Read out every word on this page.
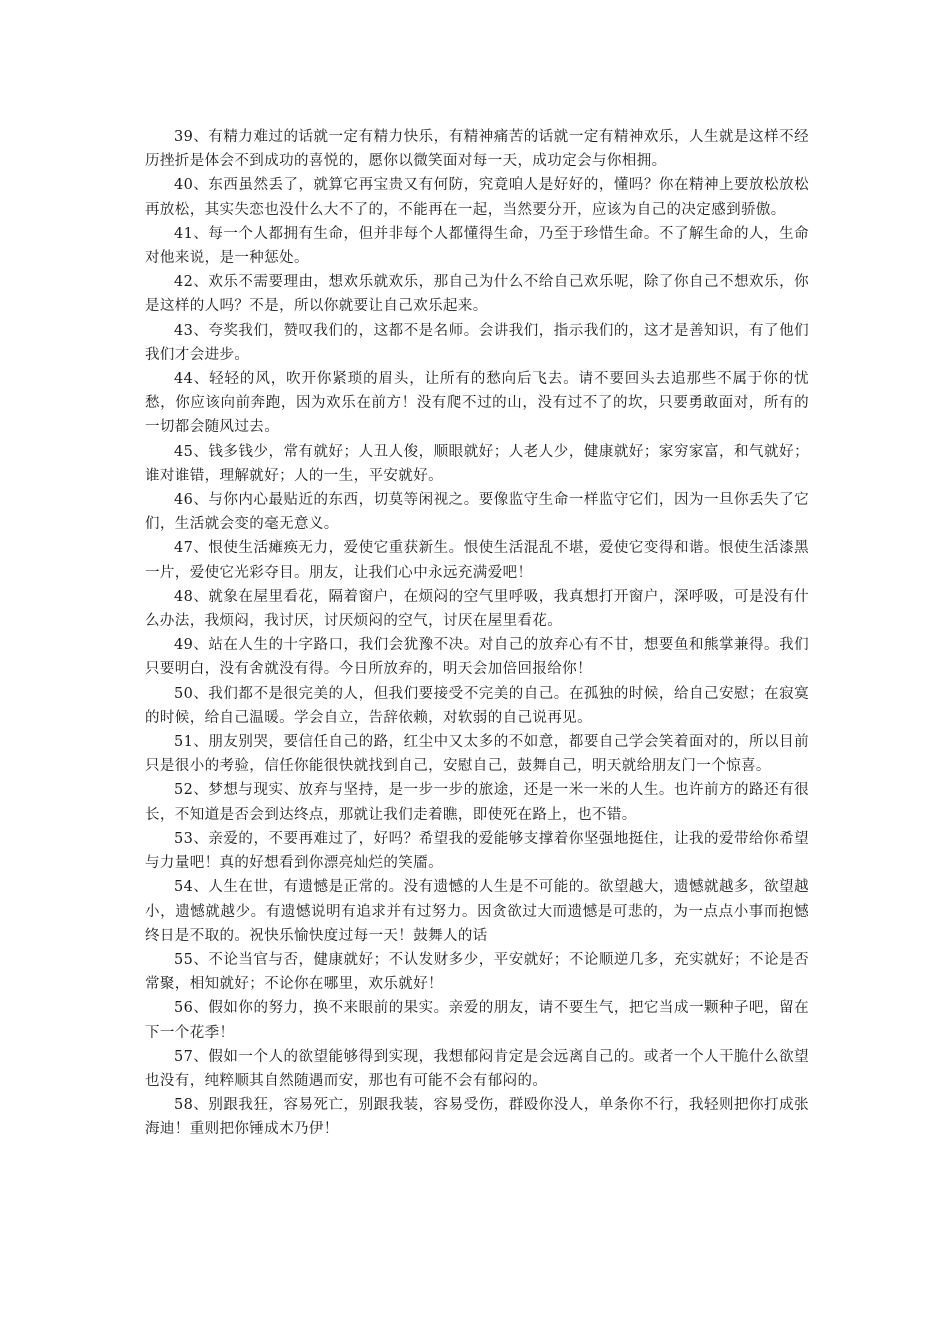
39、有精力难过的话就一定有精力快乐，有精神痛苦的话就一定有精神欢乐，人生就是这样不经历挫折是体会不到成功的喜悦的，愿你以微笑面对每一天，成功定会与你相拥。

40、东西虽然丢了，就算它再宝贵又有何防，究竟咱人是好好的，懂吗？你在精神上要放松放松再放松，其实失恋也没什么大不了的，不能再在一起，当然要分开，应该为自己的决定感到骄傲。

41、每一个人都拥有生命，但并非每个人都懂得生命，乃至于珍惜生命。不了解生命的人，生命对他来说，是一种惩处。

42、欢乐不需要理由，想欢乐就欢乐，那自己为什么不给自己欢乐呢，除了你自己不想欢乐，你是这样的人吗？不是，所以你就要让自己欢乐起来。

43、夸奖我们，赞叹我们的，这都不是名师。会讲我们，指示我们的，这才是善知识，有了他们我们才会进步。

44、轻轻的风，吹开你紧琐的眉头，让所有的愁向后飞去。请不要回头去追那些不属于你的忧愁，你应该向前奔跑，因为欢乐在前方！没有爬不过的山，没有过不了的坎，只要勇敢面对，所有的一切都会随风过去。

45、钱多钱少，常有就好；人丑人俊，顺眼就好；人老人少，健康就好；家穷家富，和气就好；谁对谁错，理解就好；人的一生，平安就好。

46、与你内心最贴近的东西，切莫等闲视之。要像监守生命一样监守它们，因为一旦你丢失了它们，生活就会变的毫无意义。

47、恨使生活瘫痪无力，爱使它重获新生。恨使生活混乱不堪，爱使它变得和谐。恨使生活漆黑一片，爱使它光彩夺目。朋友，让我们心中永远充满爱吧！

48、就象在屋里看花，隔着窗户，在烦闷的空气里呼吸，我真想打开窗户，深呼吸，可是没有什么办法，我烦闷，我讨厌，讨厌烦闷的空气，讨厌在屋里看花。

49、站在人生的十字路口，我们会犹豫不决。对自己的放弃心有不甘，想要鱼和熊掌兼得。我们只要明白，没有舍就没有得。今日所放弃的，明天会加倍回报给你！

50、我们都不是很完美的人，但我们要接受不完美的自己。在孤独的时候，给自己安慰；在寂寞的时候，给自己温暖。学会自立，告辞依赖，对软弱的自己说再见。

51、朋友别哭，要信任自己的路，红尘中又太多的不如意，都要自己学会笑着面对的，所以目前只是很小的考验，信任你能很快就找到自己，安慰自己，鼓舞自己，明天就给朋友门一个惊喜。

52、梦想与现实、放弃与坚持，是一步一步的旅途，还是一米一米的人生。也许前方的路还有很长，不知道是否会到达终点，那就让我们走着瞧，即使死在路上，也不错。

53、亲爱的，不要再难过了，好吗？希望我的爱能够支撑着你坚强地挺住，让我的爱带给你希望与力量吧！真的好想看到你漂亮灿烂的笑靥。

54、人生在世，有遗憾是正常的。没有遗憾的人生是不可能的。欲望越大，遗憾就越多，欲望越小，遗憾就越少。有遗憾说明有追求并有过努力。因贪欲过大而遗憾是可悲的，为一点点小事而抱憾终日是不取的。祝快乐愉快度过每一天！鼓舞人的话

55、不论当官与否，健康就好；不认发财多少，平安就好；不论顺逆几多，充实就好；不论是否常聚，相知就好；不论你在哪里，欢乐就好！

56、假如你的努力，换不来眼前的果实。亲爱的朋友，请不要生气，把它当成一颗种子吧，留在下一个花季！

57、假如一个人的欲望能够得到实现，我想郁闷肯定是会远离自己的。或者一个人干脆什么欲望也没有，纯粹顺其自然随遇而安，那也有可能不会有郁闷的。

58、别跟我狂，容易死亡，别跟我装，容易受伤，群殴你没人，单条你不行，我轻则把你打成张海迪！重则把你锤成木乃伊！
